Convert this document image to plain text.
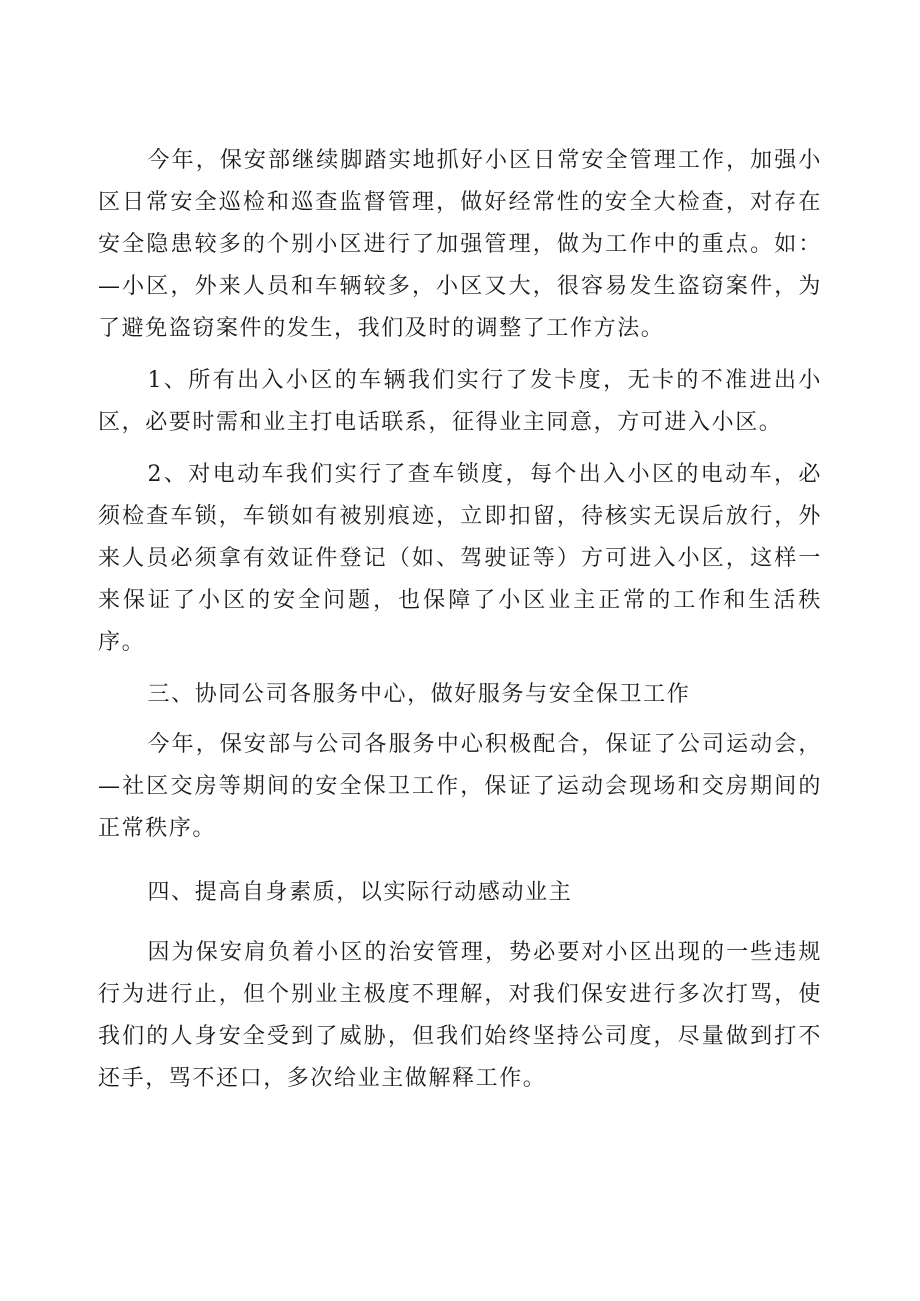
今年，保安部继续脚踏实地抓好小区日常安全管理工作，加强小区日常安全巡检和巡查监督管理，做好经常性的安全大检查，对存在安全隐患较多的个别小区进行了加强管理，做为工作中的重点。如：—小区，外来人员和车辆较多，小区又大，很容易发生盗窃案件，为了避免盗窃案件的发生，我们及时的调整了工作方法。

1、所有出入小区的车辆我们实行了发卡度，无卡的不准进出小区，必要时需和业主打电话联系，征得业主同意，方可进入小区。

2、对电动车我们实行了查车锁度，每个出入小区的电动车，必须检查车锁，车锁如有被别痕迹，立即扣留，待核实无误后放行，外来人员必须拿有效证件登记（如、驾驶证等）方可进入小区，这样一来保证了小区的安全问题，也保障了小区业主正常的工作和生活秩序。

三、协同公司各服务中心，做好服务与安全保卫工作

今年，保安部与公司各服务中心积极配合，保证了公司运动会，—社区交房等期间的安全保卫工作，保证了运动会现场和交房期间的正常秩序。

四、提高自身素质，以实际行动感动业主

因为保安肩负着小区的治安管理，势必要对小区出现的一些违规行为进行止，但个别业主极度不理解，对我们保安进行多次打骂，使我们的人身安全受到了威胁，但我们始终坚持公司度，尽量做到打不还手，骂不还口，多次给业主做解释工作。
